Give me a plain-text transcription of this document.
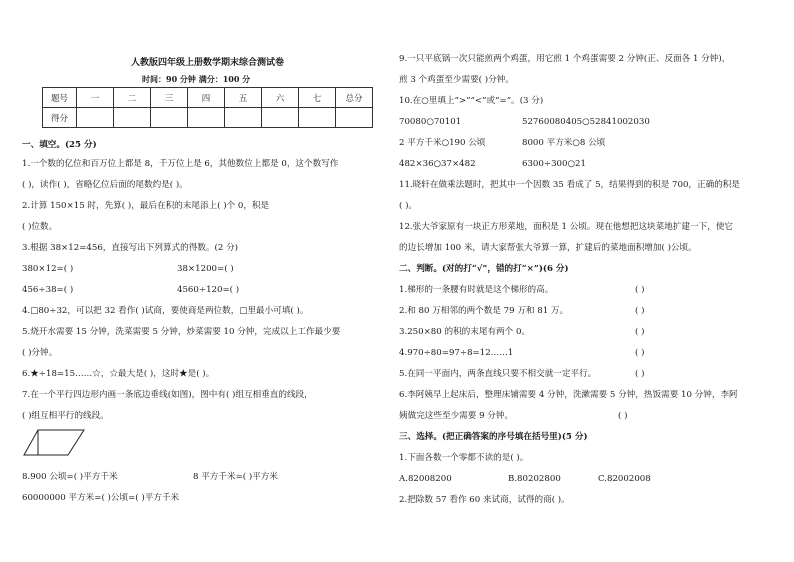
人教版四年级上册数学期末综合测试卷
时间：90 分钟 满分：100 分
题号	一	二	三	四	五	六	七	总分
得分								
一、填空。(25 分)
1.一个数的亿位和百万位上都是 8，千万位上是 6，其他数位上都是 0，这个数写作
( )，读作( )，省略亿位后面的尾数约是( )。
2.计算 150×15 时，先算( )，最后在积的末尾添上( )个 0，积是
( )位数。
3.根据 38×12=456，直接写出下列算式的得数。(2 分)
380×12=( )	38×1200=( )
456÷38=( )	4560÷120=( )
4.□80÷32，可以把 32 看作( )试商，要使商是两位数，□里最小可填( )。
5.烧开水需要 15 分钟，洗菜需要 5 分钟，炒菜需要 10 分钟，完成以上工作最少要
( )分钟。
6.★÷18=15……☆，☆最大是( )，这时★是( )。
7.在一个平行四边形内画一条底边垂线(如图)，图中有( )组互相垂直的线段，
( )组互相平行的线段。
8.900 公顷=( )平方千米	8 平方千米=( )平方米
60000000 平方米=( )公顷=( )平方千米
9.一只平底锅一次只能煎两个鸡蛋，用它煎 1 个鸡蛋需要 2 分钟(正、反面各 1 分钟)，
煎 3 个鸡蛋至少需要( )分钟。
10.在○里填上“>”“<”或“=”。(3 分)
70080○70101	52760080405○52841002030
2 平方千米○190 公顷	8000 平方米○8 公顷
482×36○37×482	6300÷300○21
11.晓轩在做乘法题时，把其中一个因数 35 看成了 5，结果得到的积是 700，正确的积是
( )。
12.张大爷家原有一块正方形菜地，面积是 1 公顷。现在他想把这块菜地扩建一下，使它
的边长增加 100 米，请大家帮张大爷算一算，扩建后的菜地面积增加( )公顷。
二、判断。(对的打“√”，错的打“×”)(6 分)
1.梯形的一条腰有时就是这个梯形的高。	( )
2.和 80 万相邻的两个数是 79 万和 81 万。	( )
3.250×80 的积的末尾有两个 0。	( )
4.970÷80=97÷8=12……1	( )
5.在同一平面内，两条直线只要不相交就一定平行。	( )
6.李阿姨早上起床后，整理床铺需要 4 分钟，洗漱需要 5 分钟，热饭需要 10 分钟，李阿
姨做完这些至少需要 9 分钟。	( )
三、选择。(把正确答案的序号填在括号里)(5 分)
1.下面各数一个零都不读的是( )。
A.82008200	B.80202800	C.82002008
2.把除数 57 看作 60 来试商，试得的商( )。
